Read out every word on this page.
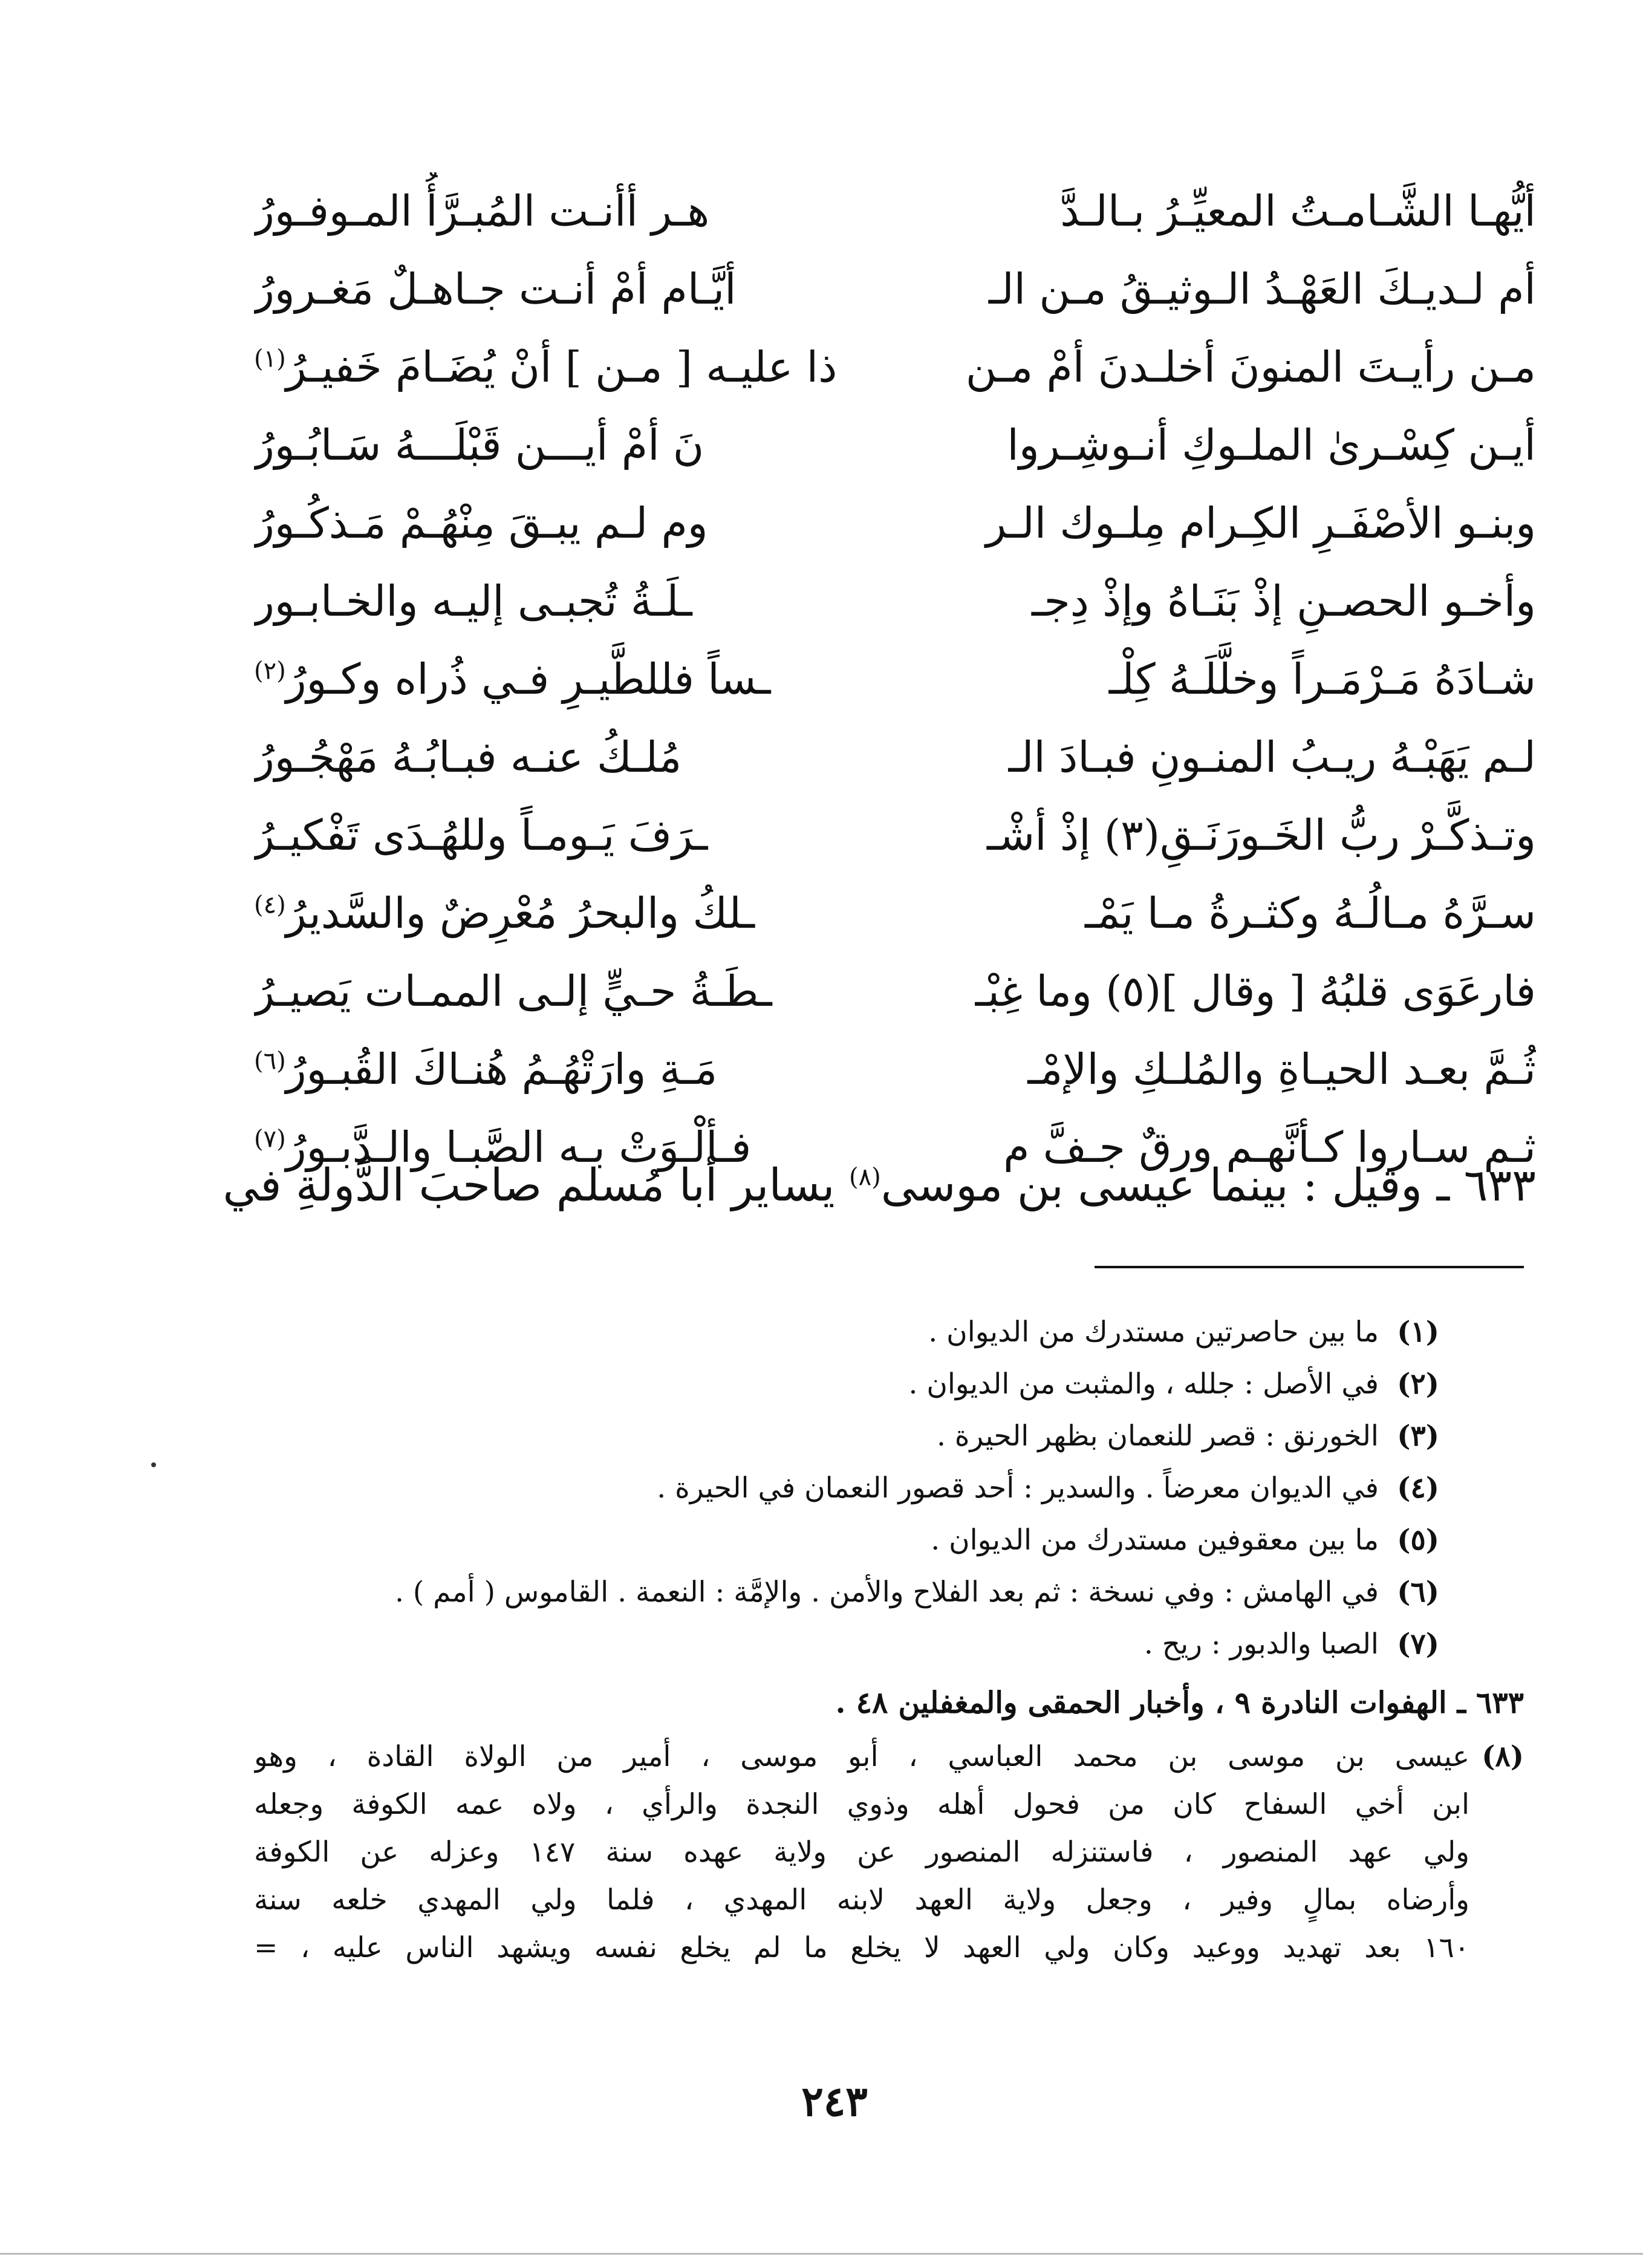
أيُّهـا الشَّـامـتُ المعيِّـرُ بـالـدَّ
هـر أأنـت المُبـرَّأُ المـوفـورُ
أم لـديـكَ العَهْـدُ الـوثيـقُ مـن الـ
أيَّـام أمْ أنـت جـاهـلٌ مَغـرورُ
مـن رأيـتَ المنونَ أخلـدنَ أمْ مـن
ذا عليـه [ مـن ] أنْ يُضَـامَ خَفيـرُ$^{(١)}$
أيـن كِسْـرىٰ الملـوكِ أنـوشِـروا
نَ أمْ أيـــن قَبْلَـــهُ سَـابُـورُ
وبنـو الأصْفَـرِ الكِـرام مِلـوك الـر
وم لـم يبـقَ مِنْهُـمْ مَـذكُـورُ
وأخـو الحصـنِ إذْ بَنَـاهُ وإذْ دِجـ
ـلَـةُ تُجبـى إليـه والخـابـور
شـادَهُ مَـرْمَـراً وخلَّلَـهُ كِلْـ
ـساً فللطَّيـرِ فـي ذُراه وكـورُ$^{(٢)}$
لـم يَهَبْـهُ ريـبُ المنـونِ فبـادَ الـ
مُلـكُ عنـه فبـابُـهُ مَهْجُـورُ
وتـذكَّـرْ ربُّ الخَـورَنَـقِ(٣) إذْ أشْـ
ـرَفَ يَـومـاً وللهُـدَى تَفْكيـرُ
سـرَّهُ مـالُـهُ وكثـرةُ مـا يَمْـ
ـلكُ والبحرُ مُعْرِضٌ والسَّديرُ$^{(٤)}$
فارعَوَى قلبُهُ [ وقال ](٥) وما غِبْـ
ـطَـةُ حـيٍّ إلـى الممـات يَصيـرُ
ثُـمَّ بعـد الحيـاةِ والمُلـكِ والإمْـ
مَـةِ وارَتْهُـمُ هُنـاكَ القُبـورُ$^{(٦)}$
ثـم سـاروا كـأنَّهـم ورقٌ جـفَّ م
فـألْـوَتْ بـه الصَّبـا والـدَّبـورُ$^{(٧)}$
٦٣٣ ـ وقيل : بينما عيسى بن موسى$^{(٨)}$ يساير أبا مُسلم صاحبَ الدَّولةِ في
(١)
ما بين حاصرتين مستدرك من الديوان .
(٢)
في الأصل : جلله ، والمثبت من الديوان .
(٣)
الخورنق : قصر للنعمان بظهر الحيرة .
(٤)
في الديوان معرضاً . والسدير : أحد قصور النعمان في الحيرة .
(٥)
ما بين معقوفين مستدرك من الديوان .
(٦)
في الهامش : وفي نسخة : ثم بعد الفلاح والأمن . والإمَّة : النعمة . القاموس ( أمم ) .
(٧)
الصبا والدبور : ريح .
٦٣٣ ـ الهفوات النادرة ٩ ، وأخبار الحمقى والمغفلين ٤٨ .
(٨)
عيسى بن موسى بن محمد العباسي ، أبو موسى ، أمير من الولاة القادة ، وهو
ابن أخي السفاح كان من فحول أهله وذوي النجدة والرأي ، ولاه عمه الكوفة وجعله
ولي عهد المنصور ، فاستنزله المنصور عن ولاية عهده سنة ١٤٧ وعزله عن الكوفة
وأرضاه بمالٍ وفير ، وجعل ولاية العهد لابنه المهدي ، فلما ولي المهدي خلعه سنة
١٦٠ بعد تهديد ووعيد وكان ولي العهد لا يخلع ما لم يخلع نفسه ويشهد الناس عليه ، =
٢٤٣
